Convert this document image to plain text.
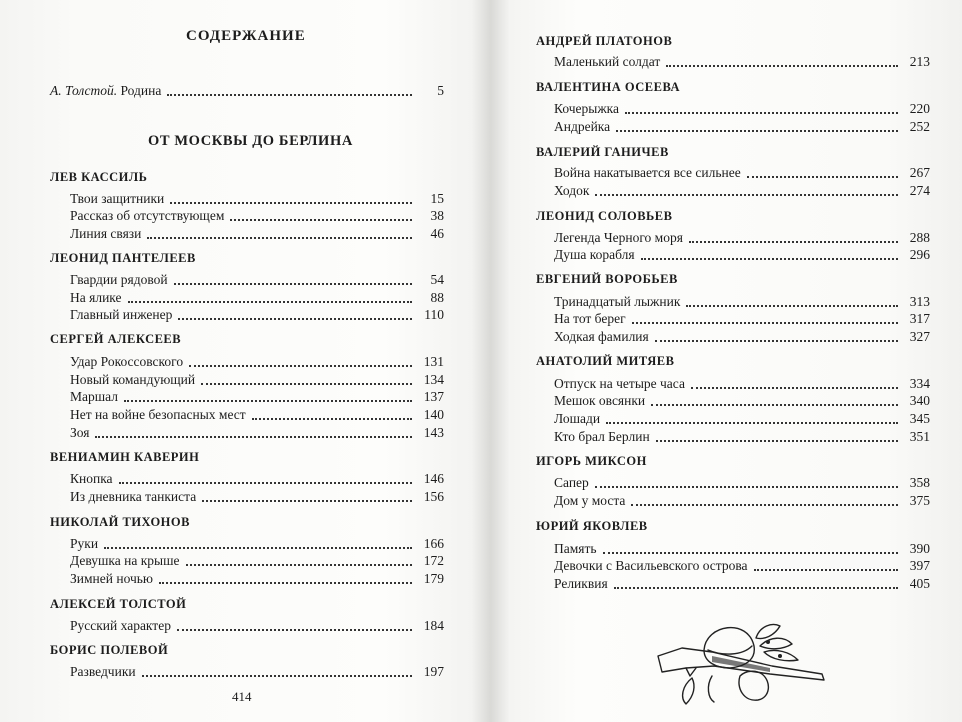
СОДЕРЖАНИЕ
А. Толстой. Родина	5
ОТ МОСКВЫ ДО БЕРЛИНА
ЛЕВ КАССИЛЬ
Твои защитники	15
Рассказ об отсутствующем	38
Линия связи	46
ЛЕОНИД ПАНТЕЛЕЕВ
Гвардии рядовой	54
На ялике	88
Главный инженер	110
СЕРГЕЙ АЛЕКСЕЕВ
Удар Рокоссовского	131
Новый командующий	134
Маршал	137
Нет на войне безопасных мест	140
Зоя	143
ВЕНИАМИН КАВЕРИН
Кнопка	146
Из дневника танкиста	156
НИКОЛАЙ ТИХОНОВ
Руки	166
Девушка на крыше	172
Зимней ночью	179
АЛЕКСЕЙ ТОЛСТОЙ
Русский характер	184
БОРИС ПОЛЕВОЙ
Разведчики	197
414
АНДРЕЙ ПЛАТОНОВ
Маленький солдат	213
ВАЛЕНТИНА ОСЕЕВА
Кочерыжка	220
Андрейка	252
ВАЛЕРИЙ ГАНИЧЕВ
Война накатывается все сильнее	267
Ходок	274
ЛЕОНИД СОЛОВЬЕВ
Легенда Черного моря	288
Душа корабля	296
ЕВГЕНИЙ ВОРОБЬЕВ
Тринадцатый лыжник	313
На тот берег	317
Ходкая фамилия	327
АНАТОЛИЙ МИТЯЕВ
Отпуск на четыре часа	334
Мешок овсянки	340
Лошади	345
Кто брал Берлин	351
ИГОРЬ МИКСОН
Сапер	358
Дом у моста	375
ЮРИЙ ЯКОВЛЕВ
Память	390
Девочки с Васильевского острова	397
Реликвия	405
